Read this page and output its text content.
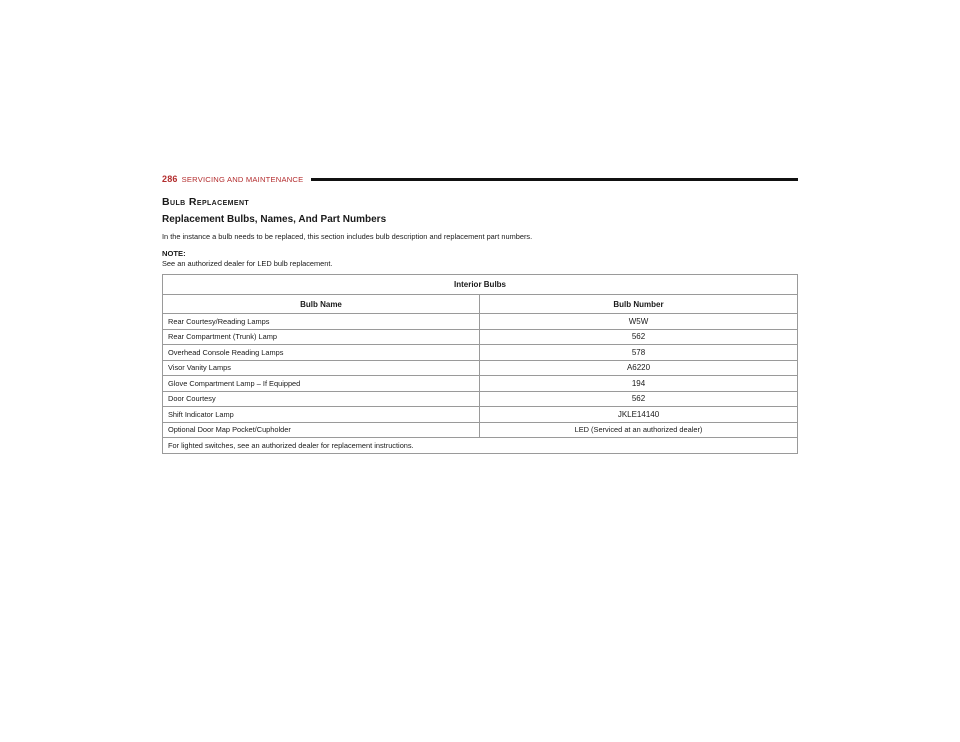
286 SERVICING AND MAINTENANCE
Bulb Replacement
Replacement Bulbs, Names, And Part Numbers

In the instance a bulb needs to be replaced, this section includes bulb description and replacement part numbers.

NOTE:

See an authorized dealer for LED bulb replacement.

Interior Bulbs	
Bulb Name	Bulb Number
Rear Courtesy/Reading Lamps	W5W
Rear Compartment (Trunk) Lamp	562
Overhead Console Reading Lamps	578
Visor Vanity Lamps	A6220
Glove Compartment Lamp – If Equipped	194
Door Courtesy	562
Shift Indicator Lamp	JKLE14140
Optional Door Map Pocket/Cupholder	LED (Serviced at an authorized dealer)
For lighted switches, see an authorized dealer for replacement instructions.	
